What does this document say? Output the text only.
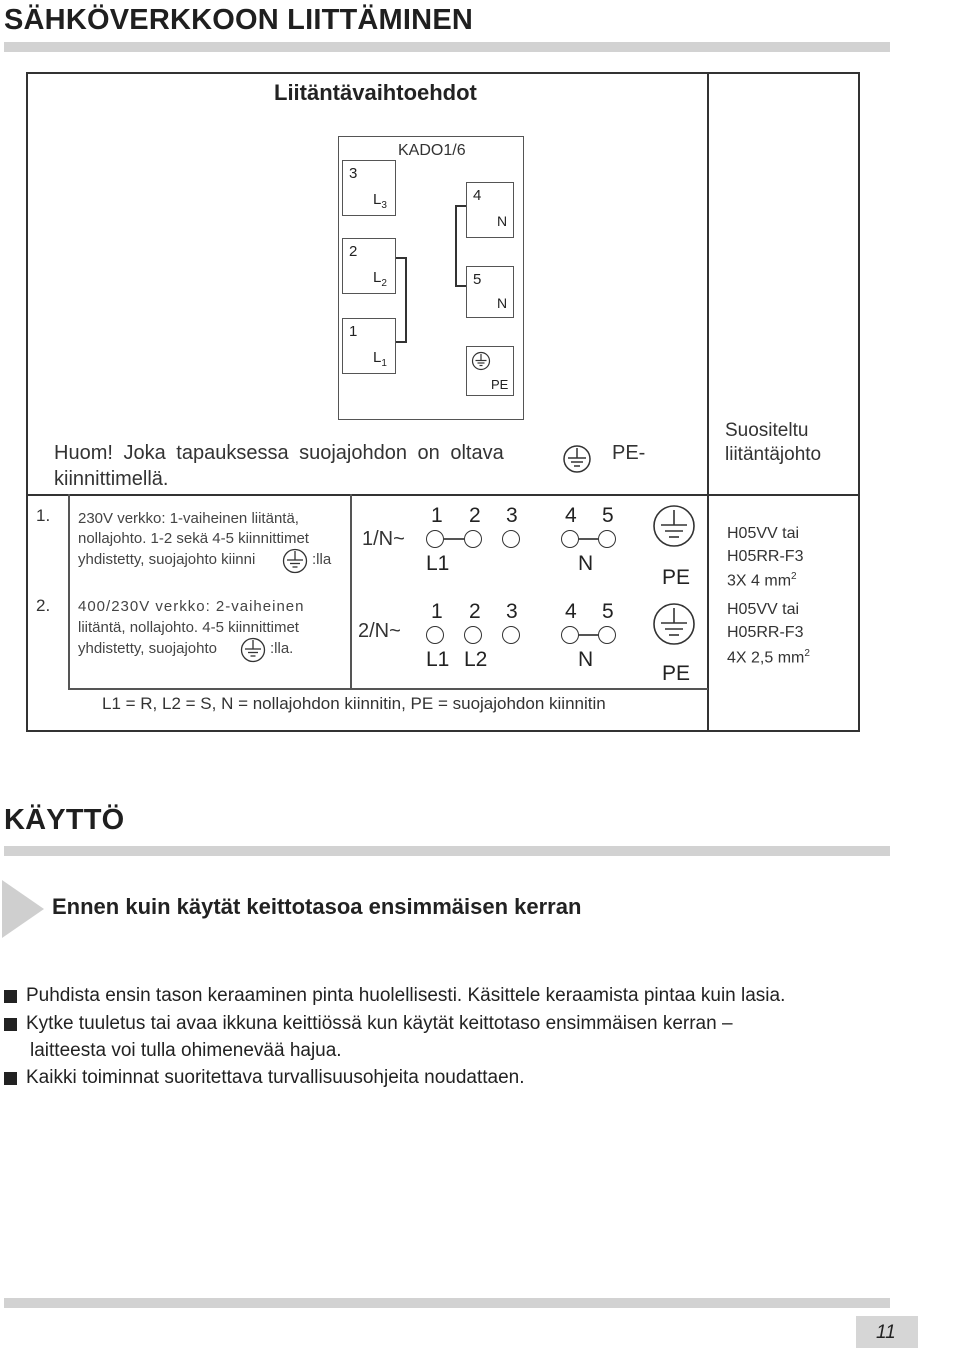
SÄHKÖVERKKOON LIITTÄMINEN
Liitäntävaihtoehdot
KADO1/6
3
$L_3$
2
$L_2$
1
$L_1$
4
N
5
N
PE
Huom! Joka tapauksessa suojajohdon on oltava	PE-
kiinnittimellä.
Suositeltu
liitäntäjohto
1. 230V verkko: 1-vaiheinen liitäntä,
nollajohto. 1-2 sekä 4-5 kiinnittimet
yhdistetty, suojajohto kiinni	:lla
1/N~
1 2 3 4 5
L1	N
PE
H05VV tai
H05RR-F3
3X 4 $mm^2$
2. 400/230V verkko: 2-vaiheinen
liitäntä, nollajohto. 4-5 kiinnittimet
yhdistetty, suojajohto	:lla.
2/N~
1 2 3 4 5
L1 L2	N
PE
H05VV tai
H05RR-F3
4X 2,5 $mm^2$
L1 = R, L2 = S, N = nollajohdon kiinnitin, PE = suojajohdon kiinnitin
KÄYTTÖ
Ennen kuin käytät keittotasoa ensimmäisen kerran
Puhdista ensin tason keraaminen pinta huolellisesti. Käsittele keraamista pintaa kuin lasia.
Kytke tuuletus tai avaa ikkuna keittiössä kun käytät keittotaso ensimmäisen kerran –
laitteesta voi tulla ohimenevää hajua.
Kaikki toiminnat suoritettava turvallisuusohjeita noudattaen.
11
